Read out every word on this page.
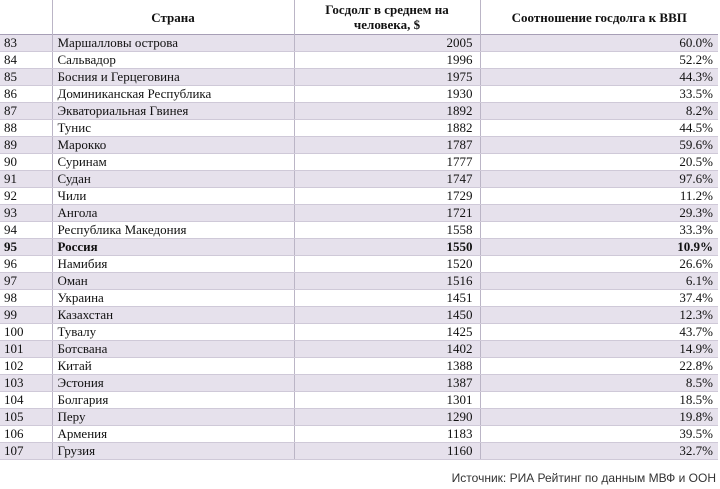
	Страна	Госдолг в среднем на человека, $	Соотношение госдолга к ВВП
83	Маршалловы острова	2005	60.0%
84	Сальвадор	1996	52.2%
85	Босния и Герцеговина	1975	44.3%
86	Доминиканская Республика	1930	33.5%
87	Экваториальная Гвинея	1892	8.2%
88	Тунис	1882	44.5%
89	Марокко	1787	59.6%
90	Суринам	1777	20.5%
91	Судан	1747	97.6%
92	Чили	1729	11.2%
93	Ангола	1721	29.3%
94	Республика Македония	1558	33.3%
95	Россия	1550	10.9%
96	Намибия	1520	26.6%
97	Оман	1516	6.1%
98	Украина	1451	37.4%
99	Казахстан	1450	12.3%
100	Тувалу	1425	43.7%
101	Ботсвана	1402	14.9%
102	Китай	1388	22.8%
103	Эстония	1387	8.5%
104	Болгария	1301	18.5%
105	Перу	1290	19.8%
106	Армения	1183	39.5%
107	Грузия	1160	32.7%
Источник: РИА Рейтинг по данным МВФ и ООН
